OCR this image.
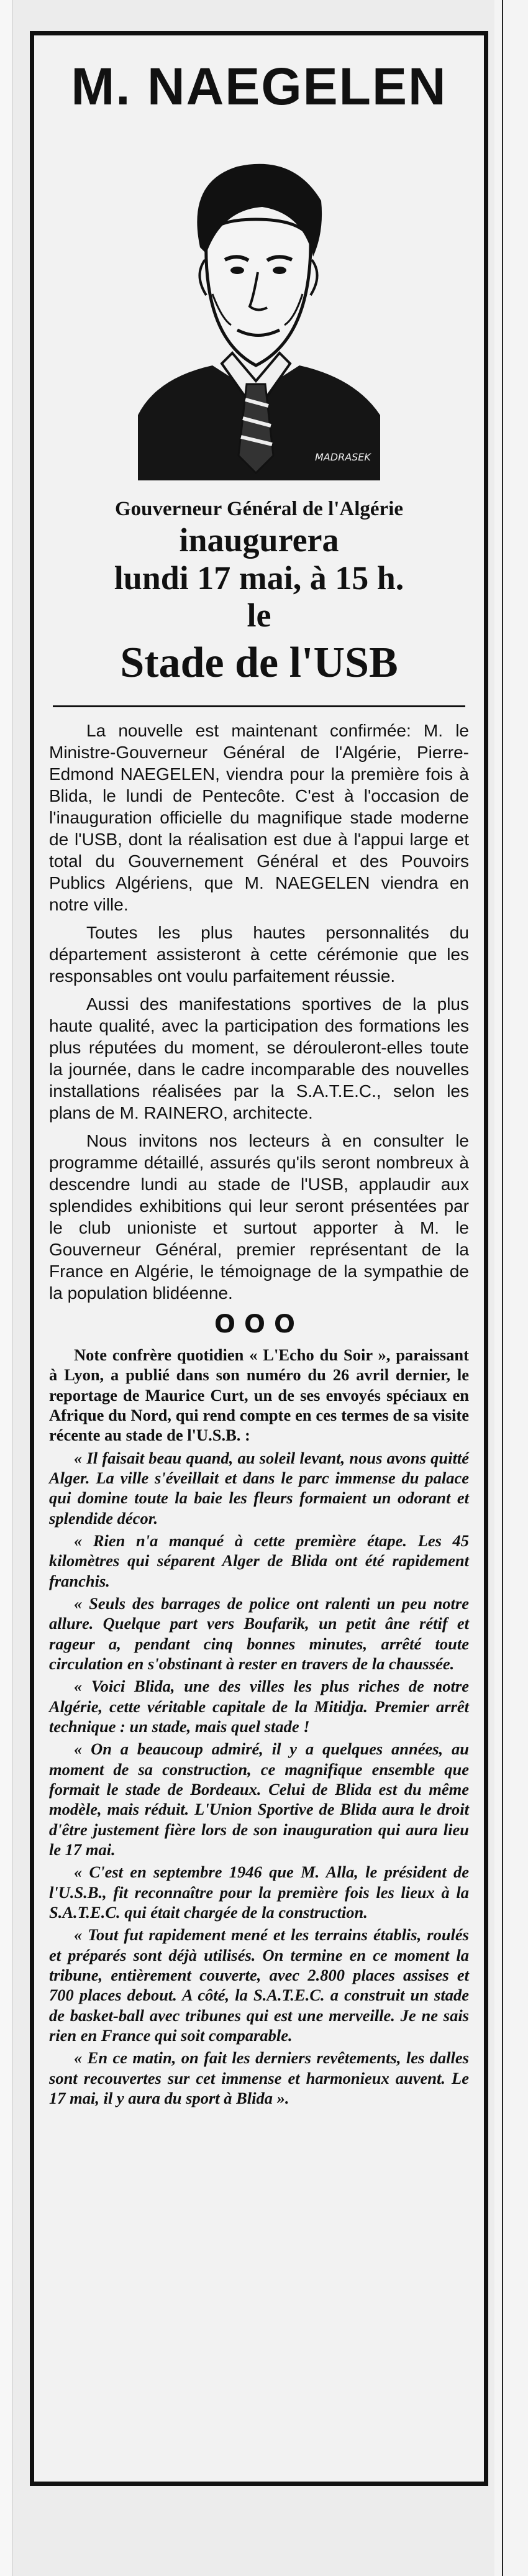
M. NAEGELEN
MADRASEK
Gouverneur Général de l'Algérie
inaugurera
lundi 17 mai, à 15 h.
le
Stade de l'USB

La nouvelle est maintenant confirmée: M. le Ministre-Gouverneur Général de l'Algérie, Pierre-Edmond NAEGELEN, viendra pour la première fois à Blida, le lundi de Pentecôte. C'est à l'occasion de l'inauguration officielle du magnifique stade moderne de l'USB, dont la réalisation est due à l'appui large et total du Gouvernement Général et des Pouvoirs Publics Algériens, que M. NAEGELEN viendra en notre ville.

Toutes les plus hautes personnalités du département assisteront à cette cérémonie que les responsables ont voulu parfaitement réussie.

Aussi des manifestations sportives de la plus haute qualité, avec la participation des formations les plus réputées du moment, se dérouleront-elles toute la journée, dans le cadre incomparable des nouvelles installations réalisées par la S.A.T.E.C., selon les plans de M. RAINERO, architecte.

Nous invitons nos lecteurs à en consulter le programme détaillé, assurés qu'ils seront nombreux à descendre lundi au stade de l'USB, applaudir aux splendides exhibitions qui leur seront présentées par le club unioniste et surtout apporter à M. le Gouverneur Général, premier représentant de la France en Algérie, le témoignage de la sympathie de la population blidéenne.

OOO

Note confrère quotidien « L'Echo du Soir », paraissant à Lyon, a publié dans son numéro du 26 avril dernier, le reportage de Maurice Curt, un de ses envoyés spéciaux en Afrique du Nord, qui rend compte en ces termes de sa visite récente au stade de l'U.S.B. :

« Il faisait beau quand, au soleil levant, nous avons quitté Alger. La ville s'éveillait et dans le parc immense du palace qui domine toute la baie les fleurs formaient un odorant et splendide décor.

« Rien n'a manqué à cette première étape. Les 45 kilomètres qui séparent Alger de Blida ont été rapidement franchis.

« Seuls des barrages de police ont ralenti un peu notre allure. Quelque part vers Boufarik, un petit âne rétif et rageur a, pendant cinq bonnes minutes, arrêté toute circulation en s'obstinant à rester en travers de la chaussée.

« Voici Blida, une des villes les plus riches de notre Algérie, cette véritable capitale de la Mitidja. Premier arrêt technique : un stade, mais quel stade !

« On a beaucoup admiré, il y a quelques années, au moment de sa construction, ce magnifique ensemble que formait le stade de Bordeaux. Celui de Blida est du même modèle, mais réduit. L'Union Sportive de Blida aura le droit d'être justement fière lors de son inauguration qui aura lieu le 17 mai.

« C'est en septembre 1946 que M. Alla, le président de l'U.S.B., fit reconnaître pour la première fois les lieux à la S.A.T.E.C. qui était chargée de la construction.

« Tout fut rapidement mené et les terrains établis, roulés et préparés sont déjà utilisés. On termine en ce moment la tribune, entièrement couverte, avec 2.800 places assises et 700 places debout. A côté, la S.A.T.E.C. a construit un stade de basket-ball avec tribunes qui est une merveille. Je ne sais rien en France qui soit comparable.

« En ce matin, on fait les derniers revêtements, les dalles sont recouvertes sur cet immense et harmonieux auvent. Le 17 mai, il y aura du sport à Blida ».
